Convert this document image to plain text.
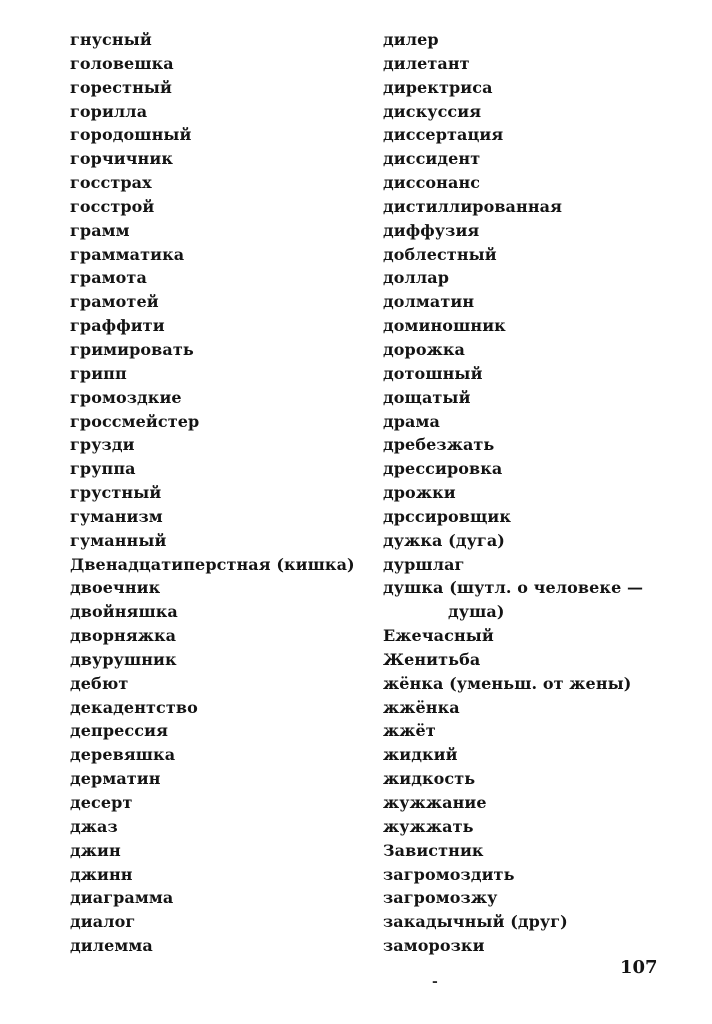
гнусный
головешка
горестный
горилла
городошный
горчичник
госстрах
госстрой
грамм
грамматика
грамота
грамотей
граффити
гримировать
грипп
громоздкие
гроссмейстер
грузди
группа
грустный
гуманизм
гуманный
Двенадцатиперстная (кишка)
двоечник
двойняшка
дворняжка
двурушник
дебют
декадентство
депрессия
деревяшка
дерматин
десерт
джаз
джин
джинн
диаграмма
диалог
дилемма
дилер
дилетант
директриса
дискуссия
диссертация
диссидент
диссонанс
дистиллированная
диффузия
доблестный
доллар
долматин
доминошник
дорожка
дотошный
дощатый
драма
дребезжать
дрессировка
дрожки
дрсcировщик
дужка (дуга)
дуршлаг
душка (шутл. о человеке —
душа)
Ежечасный
Женитьба
жёнка (уменьш. от жены)
жжёнка
жжёт
жидкий
жидкость
жужжание
жужжать
Завистник
загромоздить
загромозжу
закадычный (друг)
заморозки
-
107
